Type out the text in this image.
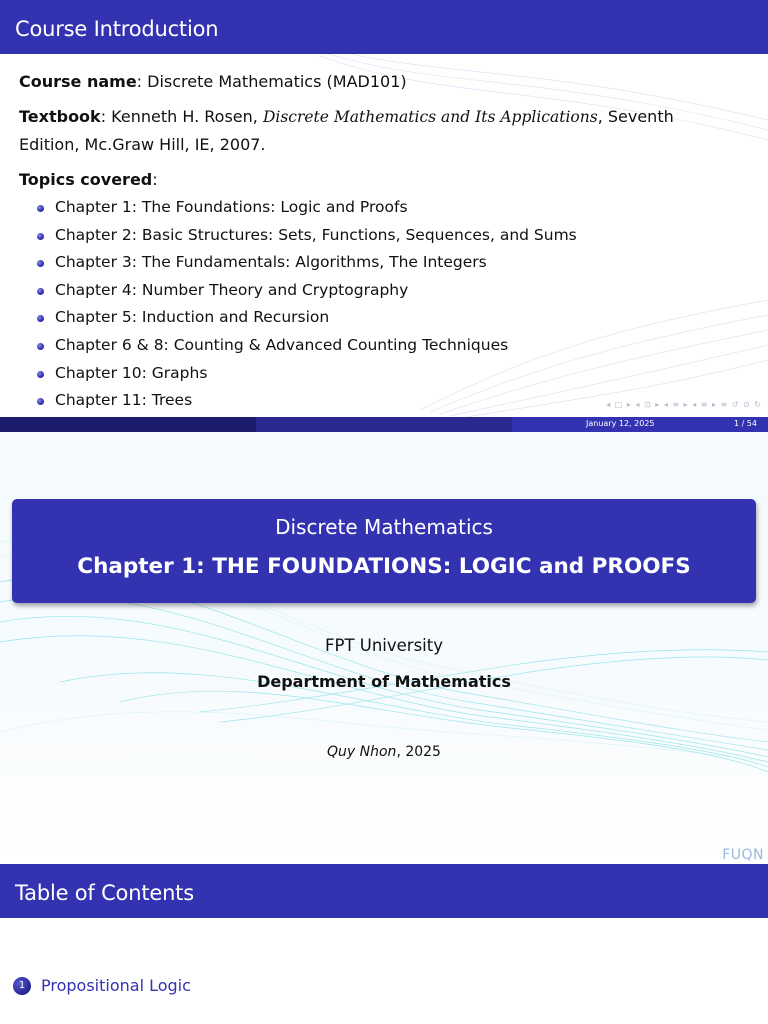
Course Introduction

Course name: Discrete Mathematics (MAD101)

Textbook: Kenneth H. Rosen, Discrete Mathematics and Its Applications, Seventh
Edition, Mc.Graw Hill, IE, 2007.

Topics covered:

Chapter 1: The Foundations: Logic and Proofs
Chapter 2: Basic Structures: Sets, Functions, Sequences, and Sums
Chapter 3: The Fundamentals: Algorithms, The Integers
Chapter 4: Number Theory and Cryptography
Chapter 5: Induction and Recursion
Chapter 6 & 8: Counting & Advanced Counting Techniques
Chapter 10: Graphs
Chapter 11: Trees	◂ □ ▸ ◂ ⊡ ▸ ◂ ≡ ▸ ◂ ≡ ▸ ≡ ↺ ⊙ ↻
January 12, 2025	1 / 54
Discrete Mathematics
Chapter 1: THE FOUNDATIONS: LOGIC and PROOFS
FPT University
Department of Mathematics
Quy Nhon, 2025
FUQN
Table of Contents
1 Propositional Logic
